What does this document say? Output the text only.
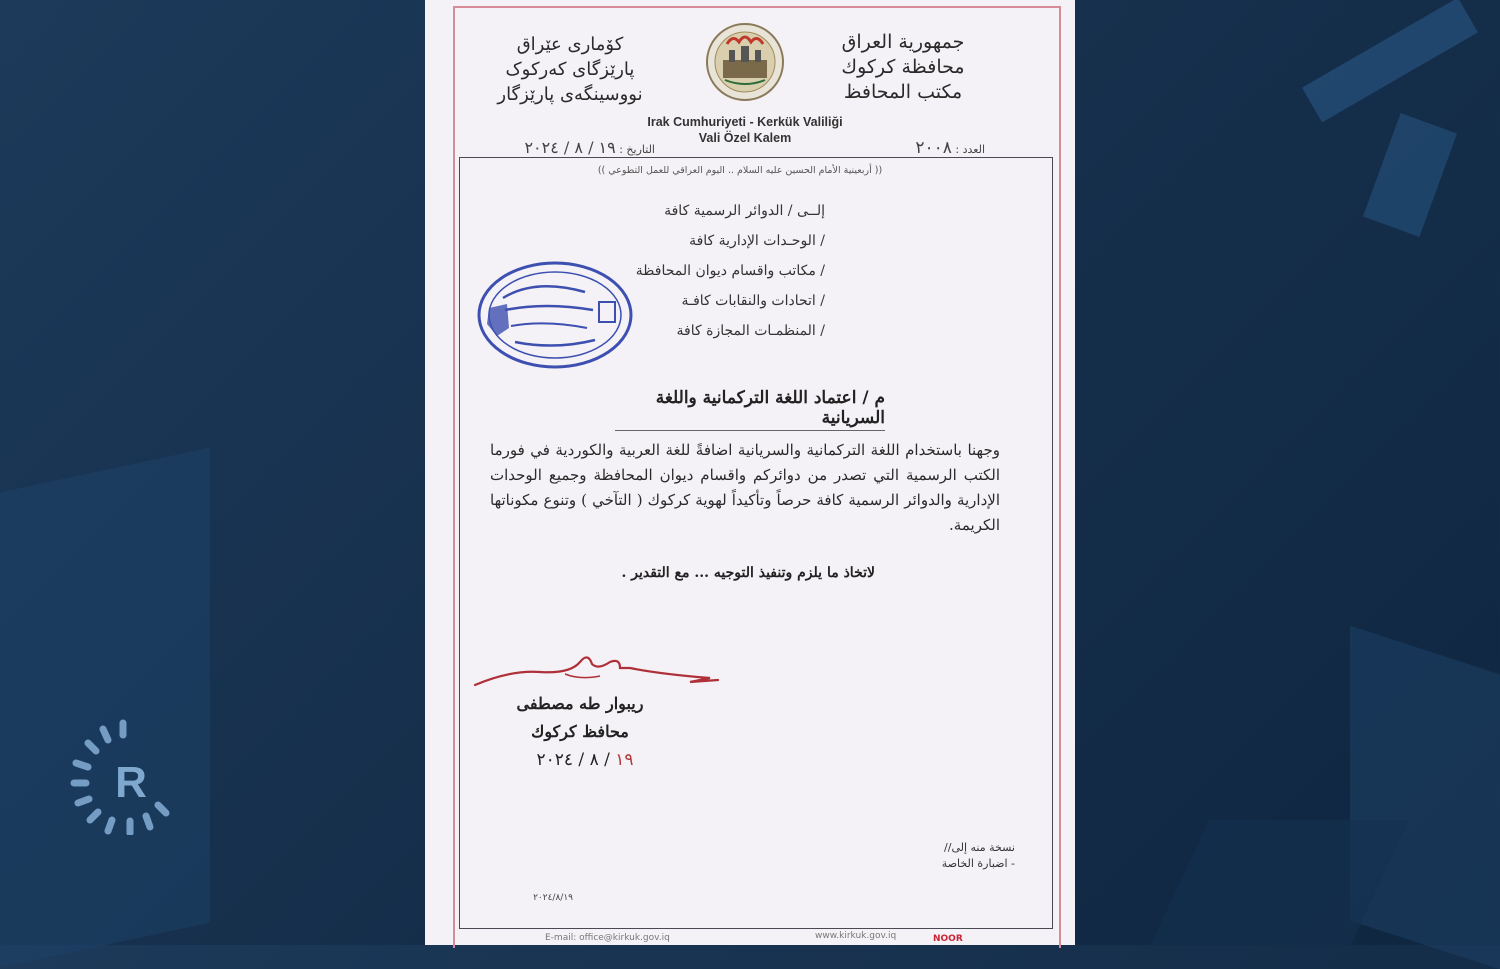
R
جمهورية العراق
محافظة كركوك
مكتب المحافظ
کۆماری عێراق
پارێزگای کەرکوک
نووسینگەی پارێزگار
Irak Cumhuriyeti - Kerkük Valiliği
Vali Özel Kalem
العدد : ٢٠٠٨
التاريخ : ١٩ / ٨ / ٢٠٢٤
(( أربعينية الأمام الحسين عليه السلام .. اليوم العراقي للعمل التطوعي ))
إلــى / الدوائر الرسمية كافة
/ الوحـدات الإدارية كافة
/ مكاتب واقسام ديوان المحافظة
/ اتحادات والنقابات كافـة
/ المنظمـات المجازة كافة
م / اعتماد اللغة التركمانية واللغة السريانية
وجهنا باستخدام اللغة التركمانية والسريانية اضافةً للغة العربية والكوردية في فورما الكتب الرسمية التي تصدر من دوائركم واقسام ديوان المحافظة وجميع الوحدات الإدارية والدوائر الرسمية كافة حرصاً وتأكيداً لهوية كركوك ( التآخي ) وتنوع مكوناتها الكريمة.
لاتخاذ ما يلزم وتنفيذ التوجيه ... مع التقدير .
ريبوار طه مصطفى
محافظ كركوك
١٩ / ٨ / ٢٠٢٤
نسخة منه إلى//
- اضبارة الخاصة
٢٠٢٤/٨/١٩
E-mail: office@kirkuk.gov.iq	www.kirkuk.gov.iq	NOOR
